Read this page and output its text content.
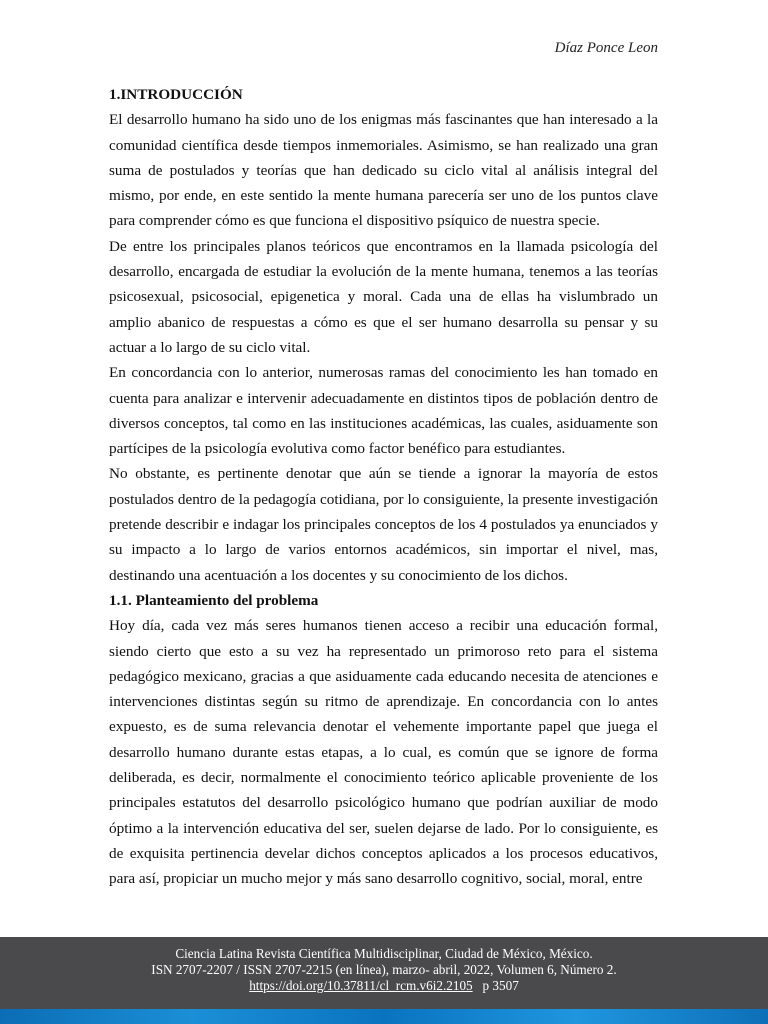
Díaz Ponce Leon
1.INTRODUCCIÓN

El desarrollo humano ha sido uno de los enigmas más fascinantes que han interesado a la comunidad científica desde tiempos inmemoriales. Asimismo, se han realizado una gran suma de postulados y teorías que han dedicado su ciclo vital al análisis integral del mismo, por ende, en este sentido la mente humana parecería ser uno de los puntos clave para comprender cómo es que funciona el dispositivo psíquico de nuestra specie.

De entre los principales planos teóricos que encontramos en la llamada psicología del desarrollo, encargada de estudiar la evolución de la mente humana, tenemos a las teorías psicosexual, psicosocial, epigenetica y moral. Cada una de ellas ha vislumbrado un amplio abanico de respuestas a cómo es que el ser humano desarrolla su pensar y su actuar a lo largo de su ciclo vital.

En concordancia con lo anterior, numerosas ramas del conocimiento les han tomado en cuenta para analizar e intervenir adecuadamente en distintos tipos de población dentro de diversos conceptos, tal como en las instituciones académicas, las cuales, asiduamente son partícipes de la psicología evolutiva como factor benéfico para estudiantes.

No obstante, es pertinente denotar que aún se tiende a ignorar la mayoría de estos postulados dentro de la pedagogía cotidiana, por lo consiguiente, la presente investigación pretende describir e indagar los principales conceptos de los 4 postulados ya enunciados y su impacto a lo largo de varios entornos académicos, sin importar el nivel, mas, destinando una acentuación a los docentes y su conocimiento de los dichos.

1.1. Planteamiento del problema

Hoy día, cada vez más seres humanos tienen acceso a recibir una educación formal, siendo cierto que esto a su vez ha representado un primoroso reto para el sistema pedagógico mexicano, gracias a que asiduamente cada educando necesita de atenciones e intervenciones distintas según su ritmo de aprendizaje. En concordancia con lo antes expuesto, es de suma relevancia denotar el vehemente importante papel que juega el desarrollo humano durante estas etapas, a lo cual, es común que se ignore de forma deliberada, es decir, normalmente el conocimiento teórico aplicable proveniente de los principales estatutos del desarrollo psicológico humano que podrían auxiliar de modo óptimo a la intervención educativa del ser, suelen dejarse de lado. Por lo consiguiente, es de exquisita pertinencia develar dichos conceptos aplicados a los procesos educativos, para así, propiciar un mucho mejor y más sano desarrollo cognitivo, social, moral, entre

Ciencia Latina Revista Científica Multidisciplinar, Ciudad de México, México.
ISN 2707-2207 / ISSN 2707-2215 (en línea), marzo- abril, 2022, Volumen 6, Número 2.
https://doi.org/10.37811/cl_rcm.v6i2.2105 p 3507
